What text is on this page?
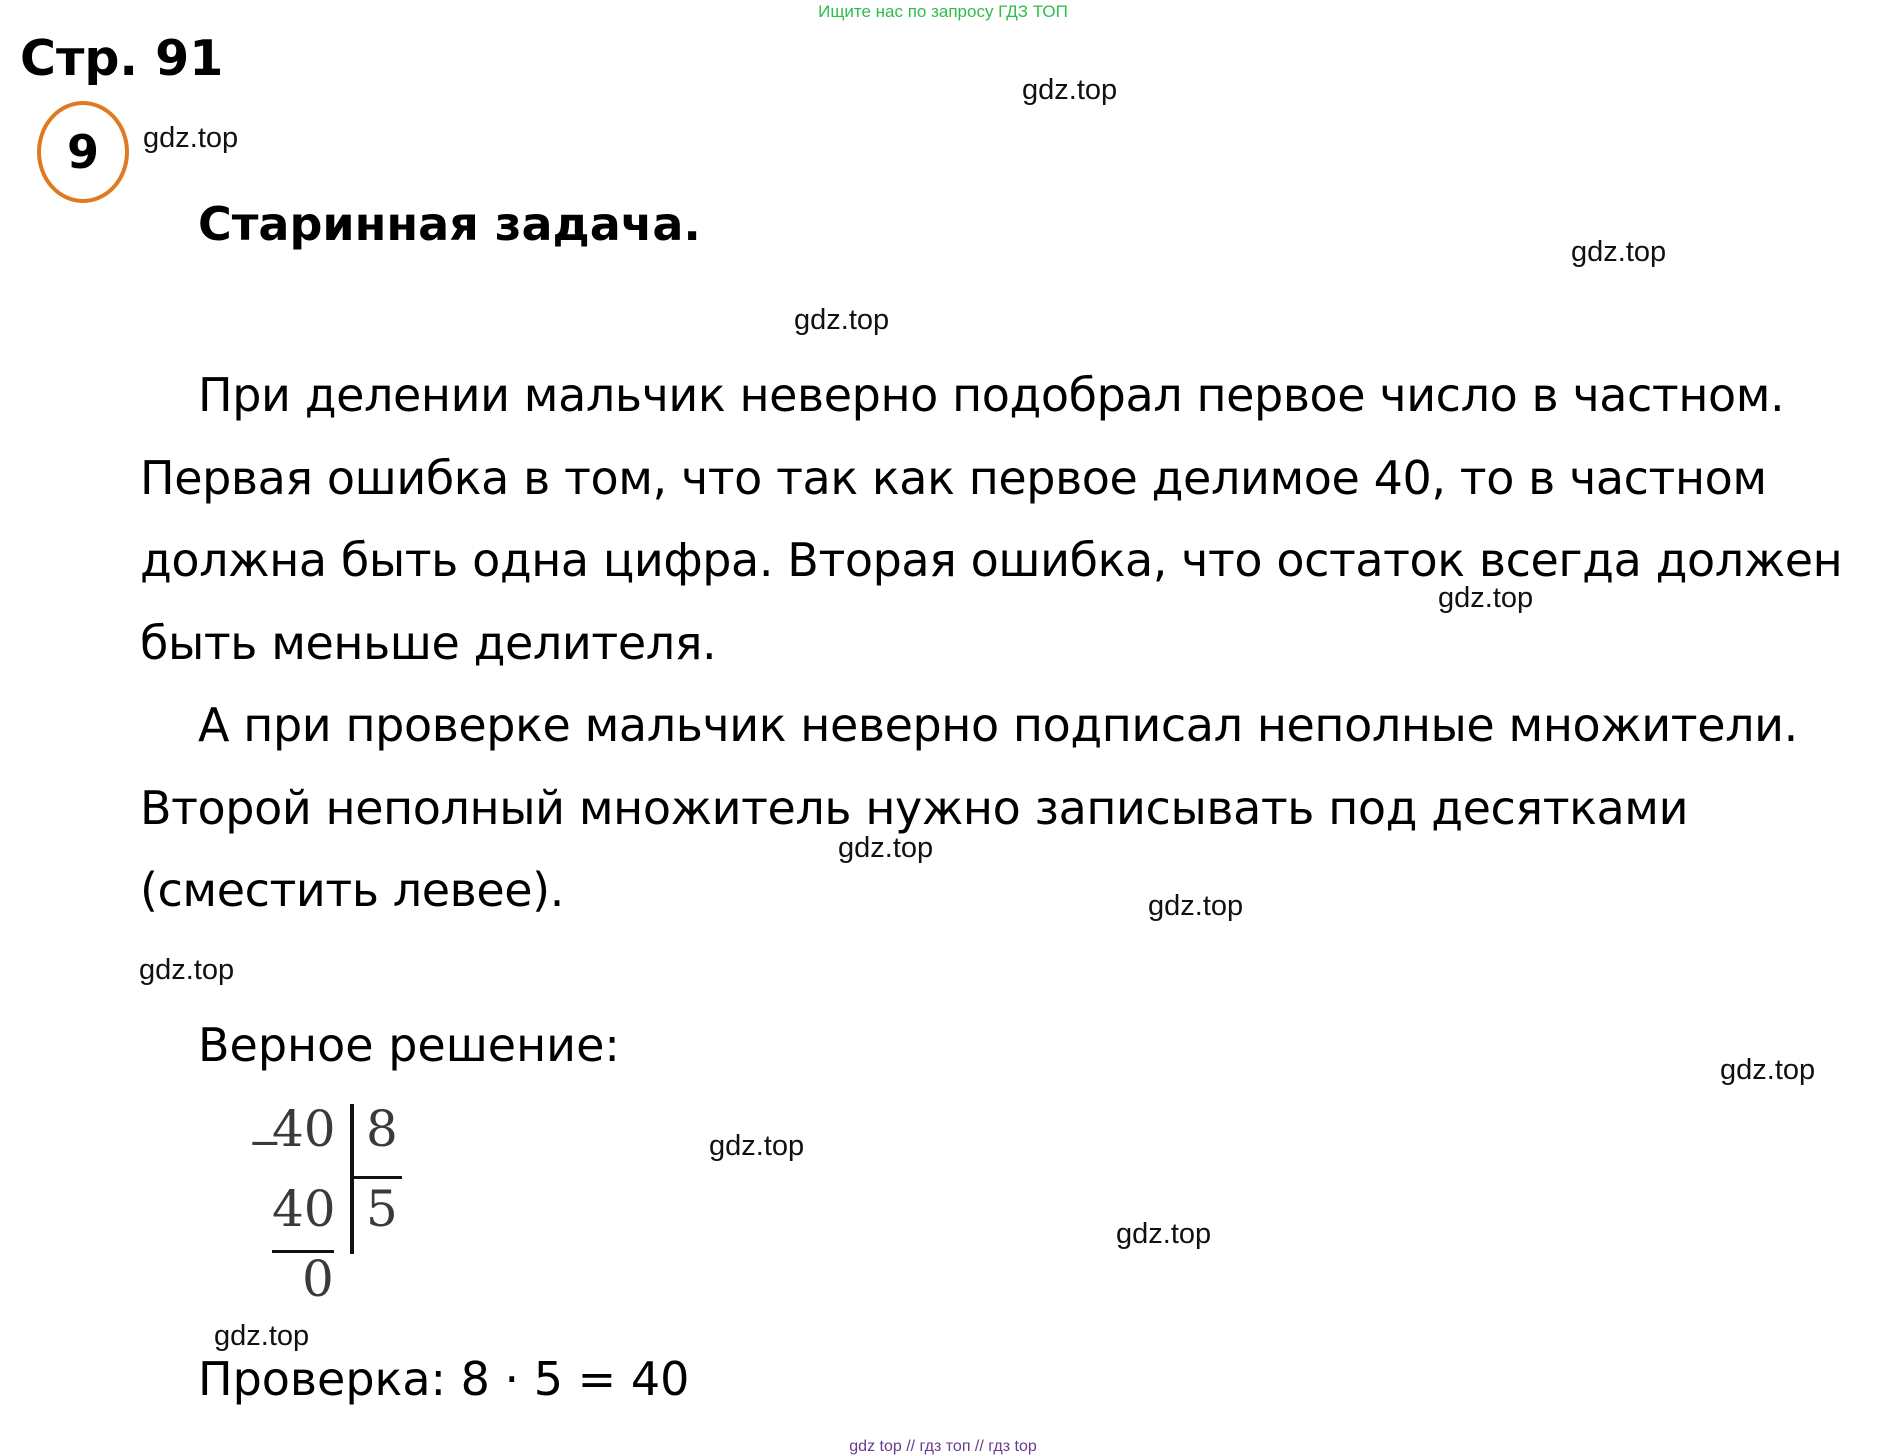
Ищите нас по запросу ГДЗ ТОП
Стр. 91
9
Старинная задача.

При делении мальчик неверно подобрал первое число в частном. Первая ошибка в том, что так как первое делимое 40, то в частном должна быть одна цифра. Вторая ошибка, что остаток всегда должен быть меньше делителя.

А при проверке мальчик неверно подписал неполные множители. Второй неполный множитель нужно записывать под десятками (сместить левее).

Верное решение:
−
40 8
40 5
0
Проверка: 8 · 5 = 40
gdz.top
gdz.top
gdz.top
gdz.top
gdz.top
gdz.top
gdz.top
gdz.top
gdz.top
gdz.top
gdz.top
gdz.top
gdz top // гдз топ // гдз top
